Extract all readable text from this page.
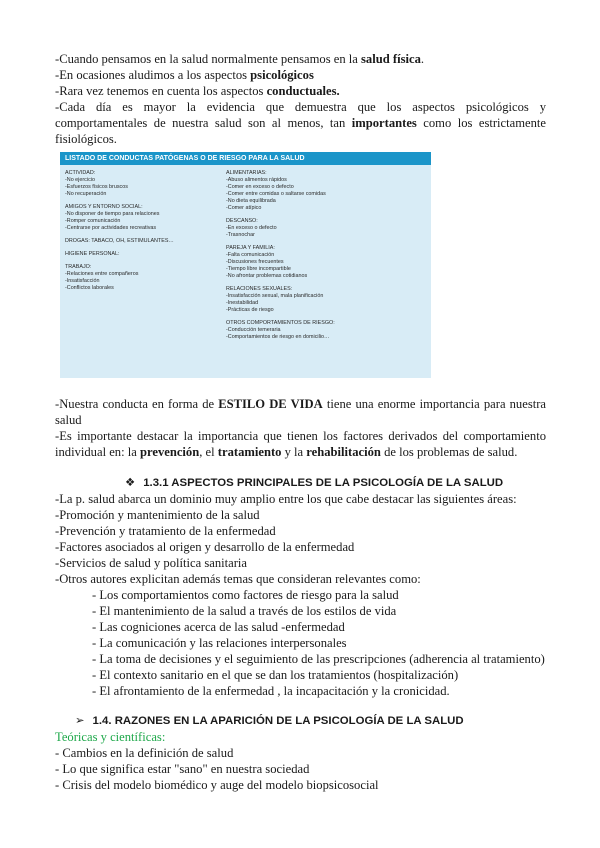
-Cuando pensamos en la salud normalmente pensamos en la salud física.
-En ocasiones aludimos a los aspectos psicológicos
-Rara vez tenemos en cuenta los aspectos conductuales.
-Cada día es mayor la evidencia que demuestra que los aspectos psicológicos y comportamentales de nuestra salud son al menos, tan importantes como los estrictamente fisiológicos.
LISTADO DE CONDUCTAS PATÓGENAS O DE RIESGO PARA LA SALUD
ACTIVIDAD:
-No ejercicio
-Esfuerzos físicos bruscos
-No recuperación
AMIGOS Y ENTORNO SOCIAL:
-No disponer de tiempo para relaciones
-Romper comunicación
-Centrarse por actividades recreativas
DROGAS: TABACO, OH, ESTIMULANTES…
HIGIENE PERSONAL:
TRABAJO:
-Relaciones entre compañeros
-Insatisfacción
-Conflictos laborales
ALIMENTARIAS:
-Abuso alimentos rápidos
-Comer en exceso o defecto
-Comer entre comidas o saltarse comidas
-No dieta equilibrada
-Comer atípico
DESCANSO:
-En exceso o defecto
-Trasnochar
PAREJA Y FAMILIA:
-Falta comunicación
-Discusiones frecuentes
-Tiempo libre incompartible
-No afrontar problemas cotidianos
RELACIONES SEXUALES:
-Insatisfacción sexual, mala planificación
-Inestabilidad
-Prácticas de riesgo
OTROS COMPORTAMIENTOS DE RIESGO:
-Conducción temeraria
-Comportamientos de riesgo en domicilio…
-Nuestra conducta en forma de ESTILO DE VIDA tiene una enorme importancia para nuestra salud
-Es importante destacar la importancia que tienen los factores derivados del comportamiento individual en: la prevención, el tratamiento y la rehabilitación de los problemas de salud.
❖ 1.3.1 ASPECTOS PRINCIPALES DE LA PSICOLOGÍA DE LA SALUD
-La p. salud abarca un dominio muy amplio entre los que cabe destacar las siguientes áreas:
-Promoción y mantenimiento de la salud
-Prevención y tratamiento de la enfermedad
-Factores asociados al origen y desarrollo de la enfermedad
-Servicios de salud y política sanitaria
-Otros autores explicitan además temas que consideran relevantes como:
- Los comportamientos como factores de riesgo para la salud
- El mantenimiento de la salud a través de los estilos de vida
- Las cogniciones acerca de las salud -enfermedad
- La comunicación y las relaciones interpersonales
- La toma de decisiones y el seguimiento de las prescripciones (adherencia al tratamiento)
- El contexto sanitario en el que se dan los tratamientos (hospitalización)
- El afrontamiento de la enfermedad , la incapacitación y la cronicidad.
➢ 1.4. RAZONES EN LA APARICIÓN DE LA PSICOLOGÍA DE LA SALUD
Teóricas y científicas:
- Cambios en la definición de salud
- Lo que significa estar "sano" en nuestra sociedad
- Crisis del modelo biomédico y auge del modelo biopsicosocial
